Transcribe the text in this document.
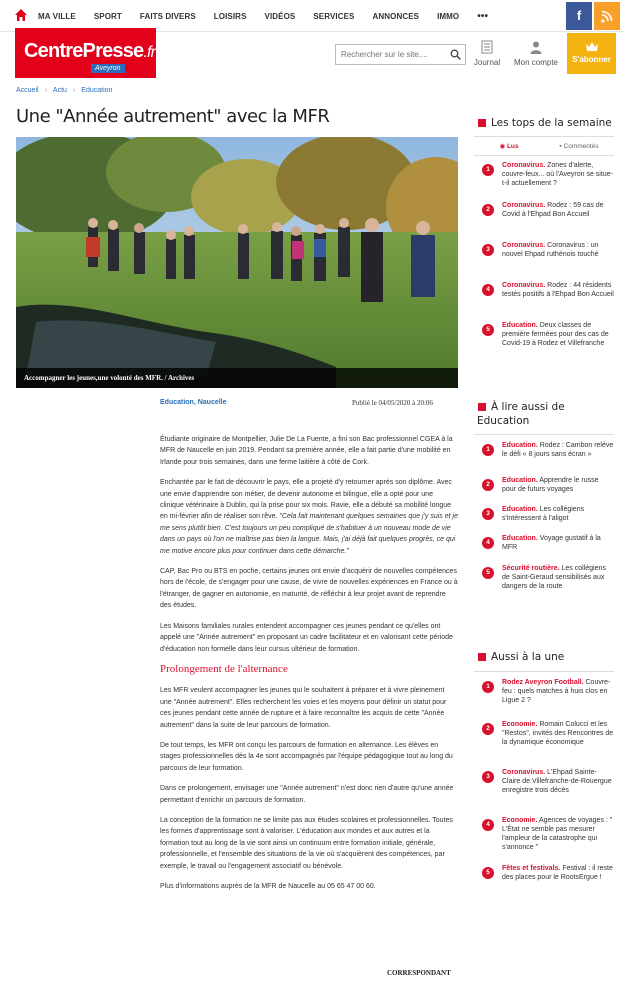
MA VILLE SPORT FAITS DIVERS LOISIRS VIDÉOS SERVICES ANNONCES IMMO •••	f
CentrePresse.fr
Aveyron
Rechercher sur le site....
Journal	Mon compte	S'abonner
Accueil › Actu › Education
Une "Année autrement" avec la MFR
Accompagner les jeunes,une volonté des MFR. / Archives
Education, Naucelle	Publié le 04/05/2020 à 20:06

Étudiante originaire de Montpellier, Julie De La Fuente, a fini son Bac professionnel CGEA à la MFR de Naucelle en juin 2019. Pendant sa première année, elle a fait partie d'une mobilité en Irlande pour trois semaines, dans une ferme laitière à côté de Cork.

Enchantée par le fait de découvrir le pays, elle a projeté d'y retourner après son diplôme. Avec une envie d'apprendre son métier, de devenir autonome et bilingue, elle a opté pour une clinique vétérinaire à Dublin, qui la prise pour six mois. Ravie, elle a débuté sa mobilité longue en mi-février afin de réaliser son rêve. "Cela fait maintenant quelques semaines que j'y suis et je me sens plutôt bien. C'est toujours un peu compliqué de s'habituer à un nouveau mode de vie dans un pays où l'on ne maîtrise pas bien la langue. Mais, j'ai déjà fait quelques progrès, ce qui me motive encore plus pour continuer dans cette démarche."

CAP, Bac Pro ou BTS en poche, certains jeunes ont envie d'acquérir de nouvelles compétences hors de l'école, de s'engager pour une cause, de vivre de nouvelles expériences en France ou à l'étranger, de gagner en autonomie, en maturité, de réfléchir à leur projet avant de reprendre des études.

Les Maisons familiales rurales entendent accompagner ces jeunes pendant ce qu'elles ont appelé une "Année autrement" en proposant un cadre facilitateur et en valorisant cette période d'éducation non formelle dans leur cursus ultérieur de formation.

Prolongement de l'alternance

Les MFR veulent accompagner les jeunes qui le souhaitent à préparer et à vivre pleinement une "Année autrement". Elles recherchent les voies et les moyens pour définir un statut pour ces jeunes pendant cette année de rupture et à faire reconnaître les acquis de cette "Année autrement" dans la suite de leur parcours de formation.

De tout temps, les MFR ont conçu les parcours de formation en alternance. Les élèves en stages professionnelles dès la 4e sont accompagnés par l'équipe pédagogique tout au long du parcours de leur formation.

Dans ce prolongement, envisager une "Année autrement" n'est donc rien d'autre qu'une année permettant d'enrichir un parcours de formation.

La conception de la formation ne se limite pas aux études scolaires et professionnelles. Toutes les formes d'apprentissage sont à valoriser. L'éducation aux mondes et aux autres et la formation tout au long de la vie sont ainsi un continuum entre formation initiale, générale, professionnelle, et l'ensemble des situations de la vie où s'acquièrent des compétences, par exemple, le travail ou l'engagement associatif ou bénévole.

Plus d'informations auprès de la MFR de Naucelle au 05 65 47 00 60.

CORRESPONDANT
Les tops de la semaine
◉ Lus	▪ Commentés
1
Coronavirus. Zones d'alerte, couvre-feux... où l'Aveyron se situe-t-il actuellement ?
2
Coronavirus. Rodez : 59 cas de Covid à l'Ehpad Bon Accueil
3
Coronavirus. Coronavirus : un nouvel Ehpad ruthénois touché
4
Coronavirus. Rodez : 44 résidents testés positifs à l'Ehpad Bon Accueil
5
Education. Deux classes de première fermées pour des cas de Covid-19 à Rodez et Villefranche
À lire aussi de
Education
1
Education. Rodez : Cambon relève le défi « 8 jours sans écran »
2
Education. Apprendre le russe pour de futurs voyages
3
Education. Les collégiens s'intéressent à l'aligot
4
Education. Voyage gustatif à la MFR
5
Sécurité routière. Les collégiens de Saint-Geraud sensibilisés aux dangers de la route
Aussi à la une
1
Rodez Aveyron Football. Couvre-feu : quels matches à huis clos en Ligue 2 ?
2
Economie. Romain Colucci et les "Restos", invités des Rencontres de la dynamique économique
3
Coronavirus. L'Ehpad Sainte-Claire de Villefranche-de-Rouergue enregistre trois décès
4
Economie. Agences de voyages : " L'État ne semble pas mesurer l'ampleur de la catastrophe qui s'annonce "
5
Fêtes et festivals. Festival : il reste des places pour le RootsErgue !
